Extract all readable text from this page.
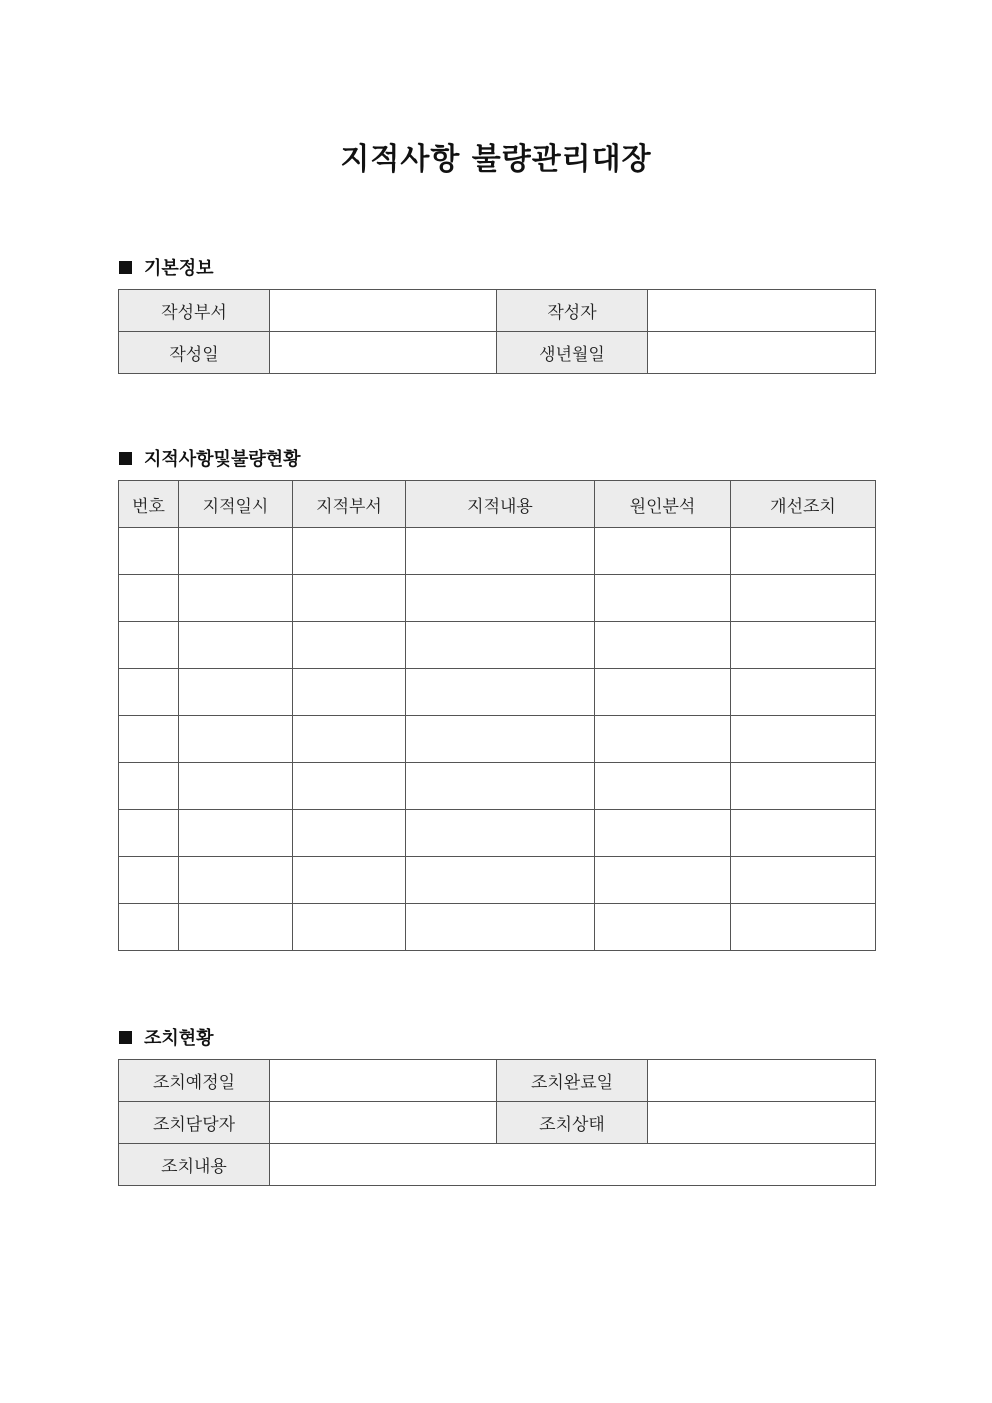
지적사항 불량관리대장
기본정보
작성부서		작성자	
작성일		생년월일	
지적사항및불량현황
번호	지적일시	지적부서	지적내용	원인분석	개선조치

조치현황
조치예정일		조치완료일	
조치담당자		조치상태	
조치내용			
